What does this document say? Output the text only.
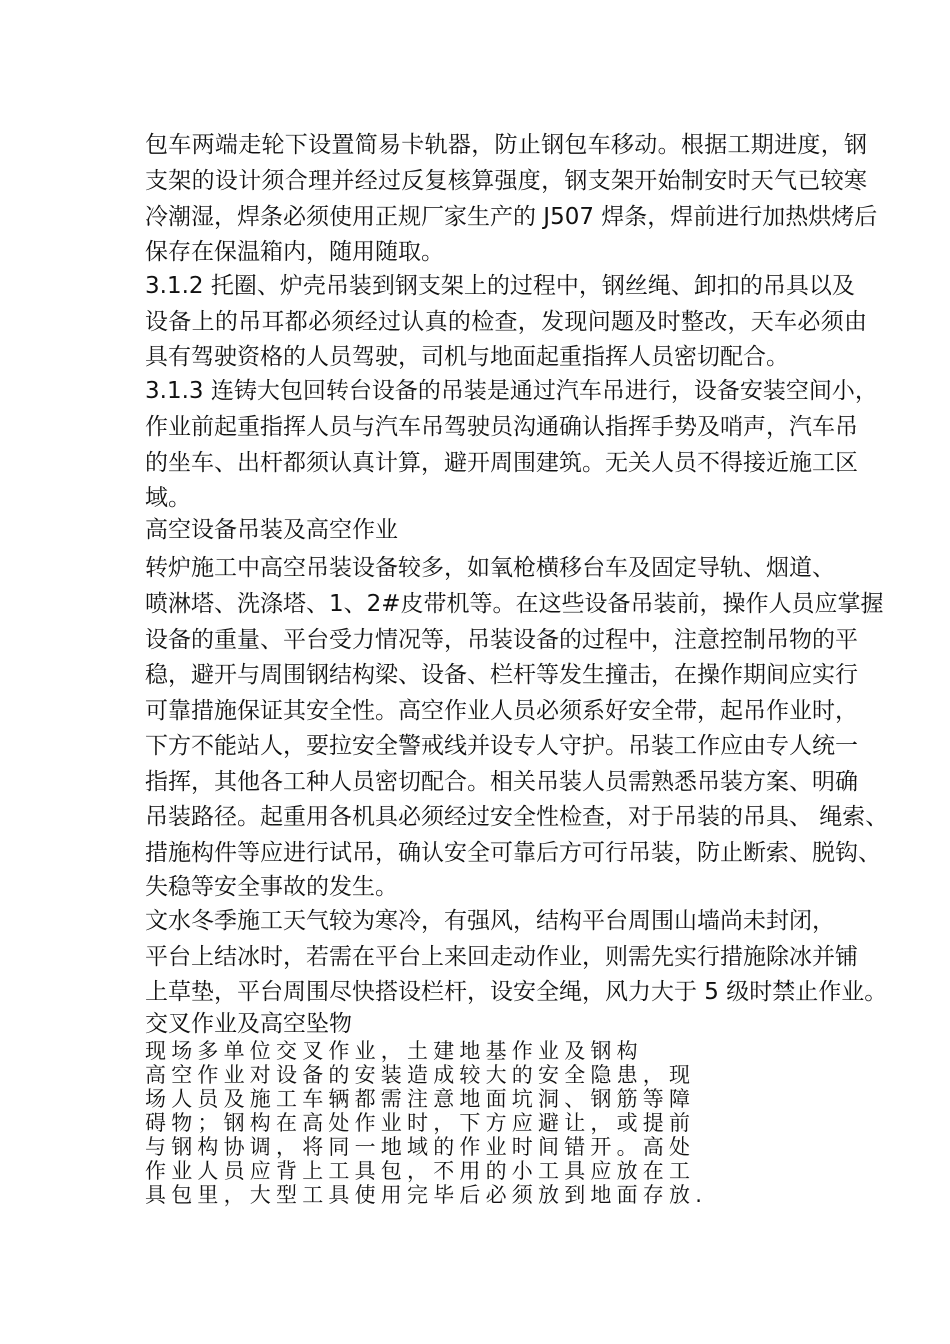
包车两端走轮下设置简易卡轨器，防止钢包车移动。根据工期进度，钢
支架的设计须合理并经过反复核算强度，钢支架开始制安时天气已较寒
冷潮湿，焊条必须使用正规厂家生产的 J507 焊条，焊前进行加热烘烤后
保存在保温箱内，随用随取。
3.1.2 托圈、炉壳吊装到钢支架上的过程中，钢丝绳、卸扣的吊具以及
设备上的吊耳都必须经过认真的检查，发现问题及时整改，天车必须由
具有驾驶资格的人员驾驶，司机与地面起重指挥人员密切配合。
3.1.3 连铸大包回转台设备的吊装是通过汽车吊进行，设备安装空间小，
作业前起重指挥人员与汽车吊驾驶员沟通确认指挥手势及哨声，汽车吊
的坐车、出杆都须认真计算，避开周围建筑。无关人员不得接近施工区
域。
高空设备吊装及高空作业
转炉施工中高空吊装设备较多，如氧枪横移台车及固定导轨、烟道、
喷淋塔、洗涤塔、1、2#皮带机等。在这些设备吊装前，操作人员应掌握
设备的重量、平台受力情况等，吊装设备的过程中，注意控制吊物的平
稳，避开与周围钢结构梁、设备、栏杆等发生撞击，在操作期间应实行
可靠措施保证其安全性。高空作业人员必须系好安全带，起吊作业时，
下方不能站人，要拉安全警戒线并设专人守护。吊装工作应由专人统一
指挥，其他各工种人员密切配合。相关吊装人员需熟悉吊装方案、明确
吊装路径。起重用各机具必须经过安全性检查，对于吊装的吊具、 绳索、
措施构件等应进行试吊，确认安全可靠后方可行吊装，防止断索、脱钩、
失稳等安全事故的发生。
文水冬季施工天气较为寒冷，有强风，结构平台周围山墙尚未封闭，
平台上结冰时，若需在平台上来回走动作业，则需先实行措施除冰并铺
上草垫，平台周围尽快搭设栏杆，设安全绳，风力大于 5 级时禁止作业。
交叉作业及高空坠物
现场多单位交叉作业，土建地基作业及钢构
高空作业对设备的安装造成较大的安全隐患，现
场人员及施工车辆都需注意地面坑洞、钢筋等障
碍物；钢构在高处作业时，下方应避让，或提前
与钢构协调，将同一地域的作业时间错开。高处
作业人员应背上工具包，不用的小工具应放在工
具包里，大型工具使用完毕后必须放到地面存放.
